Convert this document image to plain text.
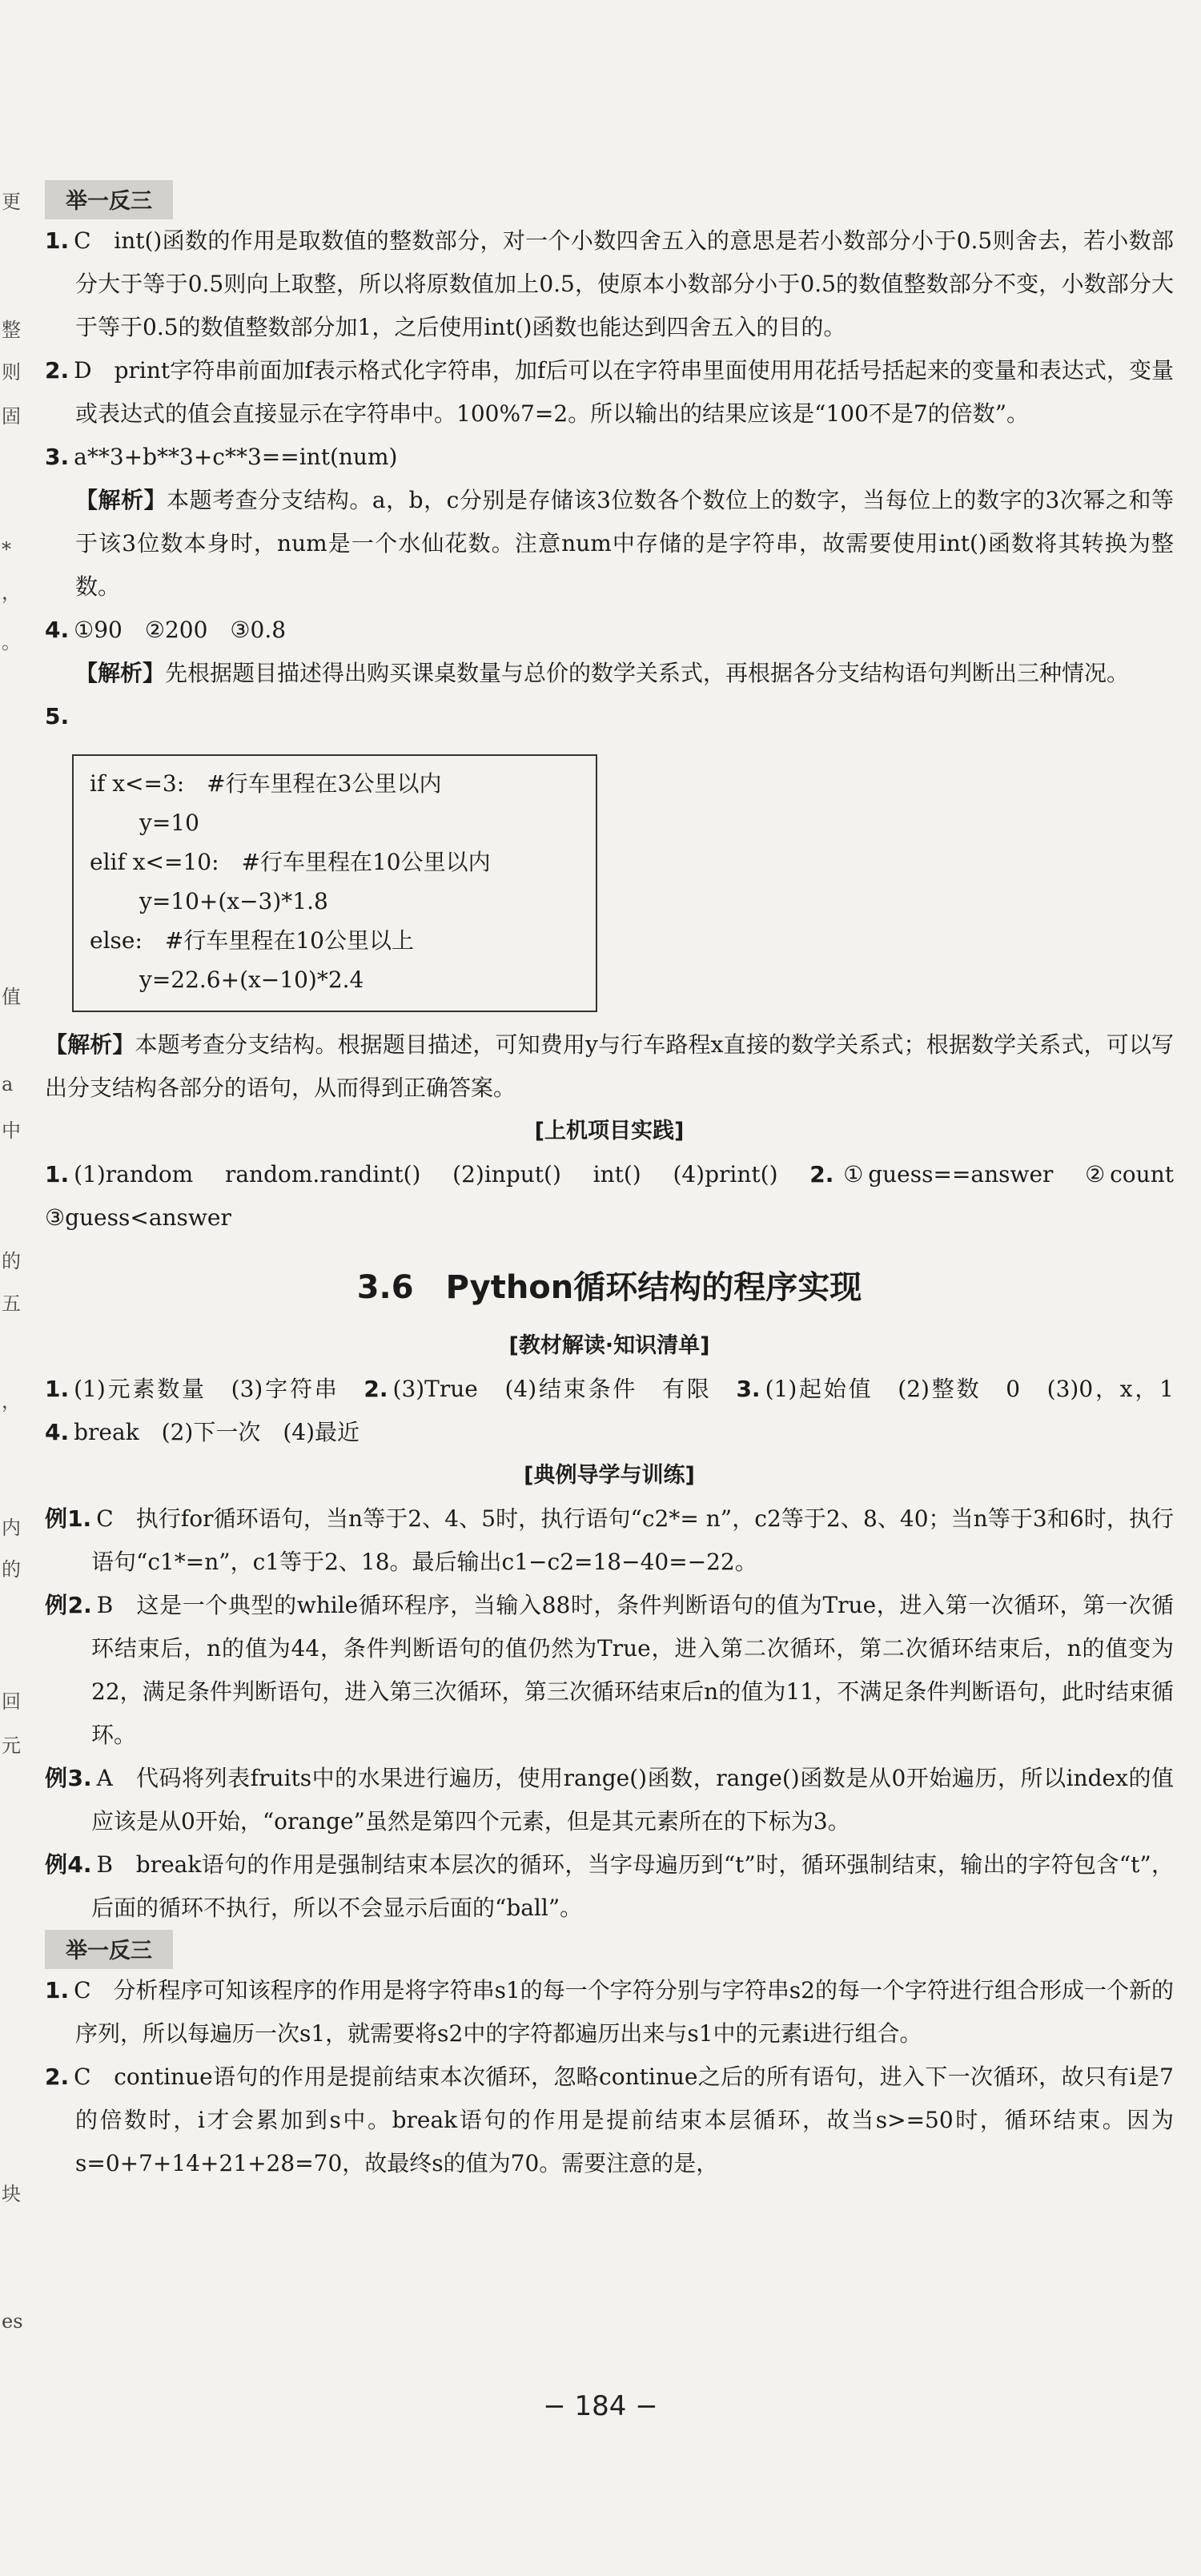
更
整
则
固
*
，
。
值
a
中
的
五
，
内
的
回
元
块
es
举一反三

1. C　int()函数的作用是取数值的整数部分，对一个小数四舍五入的意思是若小数部分小于0.5则舍去，若小数部分大于等于0.5则向上取整，所以将原数值加上0.5，使原本小数部分小于0.5的数值整数部分不变，小数部分大于等于0.5的数值整数部分加1，之后使用int()函数也能达到四舍五入的目的。

2. D　print字符串前面加f表示格式化字符串，加f后可以在字符串里面使用用花括号括起来的变量和表达式，变量或表达式的值会直接显示在字符串中。100%7=2。所以输出的结果应该是“100不是7的倍数”。

3. a**3+b**3+c**3==int(num)

【解析】本题考查分支结构。a，b，c分别是存储该3位数各个数位上的数字，当每位上的数字的3次幂之和等于该3位数本身时，num是一个水仙花数。注意num中存储的是字符串，故需要使用int()函数将其转换为整数。

4. ①90　②200　③0.8

【解析】先根据题目描述得出购买课桌数量与总价的数学关系式，再根据各分支结构语句判断出三种情况。

5.

if x<=3:　#行车里程在3公里以内
y=10
elif x<=10:　#行车里程在10公里以内
y=10+(x−3)*1.8
else:　#行车里程在10公里以上
y=22.6+(x−10)*2.4

【解析】本题考查分支结构。根据题目描述，可知费用y与行车路程x直接的数学关系式；根据数学关系式，可以写出分支结构各部分的语句，从而得到正确答案。

[上机项目实践]

1. (1)random　random.randint()　(2)input()　int()　(4)print()　2. ①guess==answer　②count　③guess<answer

3.6 Python循环结构的程序实现

[教材解读·知识清单]

1. (1)元素数量　(3)字符串　2. (3)True　(4)结束条件　有限　3. (1)起始值　(2)整数　0　(3)0，x，1　4. break　(2)下一次　(4)最近

[典例导学与训练]

例1. C　执行for循环语句，当n等于2、4、5时，执行语句“c2*= n”，c2等于2、8、40；当n等于3和6时，执行语句“c1*=n”，c1等于2、18。最后输出c1−c2=18−40=−22。

例2. B　这是一个典型的while循环程序，当输入88时，条件判断语句的值为True，进入第一次循环，第一次循环结束后，n的值为44，条件判断语句的值仍然为True，进入第二次循环，第二次循环结束后，n的值变为22，满足条件判断语句，进入第三次循环，第三次循环结束后n的值为11，不满足条件判断语句，此时结束循环。

例3. A　代码将列表fruits中的水果进行遍历，使用range()函数，range()函数是从0开始遍历，所以index的值应该是从0开始，“orange”虽然是第四个元素，但是其元素所在的下标为3。

例4. B　break语句的作用是强制结束本层次的循环，当字母遍历到“t”时，循环强制结束，输出的字符包含“t”，后面的循环不执行，所以不会显示后面的“ball”。

举一反三

1. C　分析程序可知该程序的作用是将字符串s1的每一个字符分别与字符串s2的每一个字符进行组合形成一个新的序列，所以每遍历一次s1，就需要将s2中的字符都遍历出来与s1中的元素i进行组合。

2. C　continue语句的作用是提前结束本次循环，忽略continue之后的所有语句，进入下一次循环，故只有i是7的倍数时，i才会累加到s中。break语句的作用是提前结束本层循环，故当s>=50时，循环结束。因为s=0+7+14+21+28=70，故最终s的值为70。需要注意的是，

− 184 −
